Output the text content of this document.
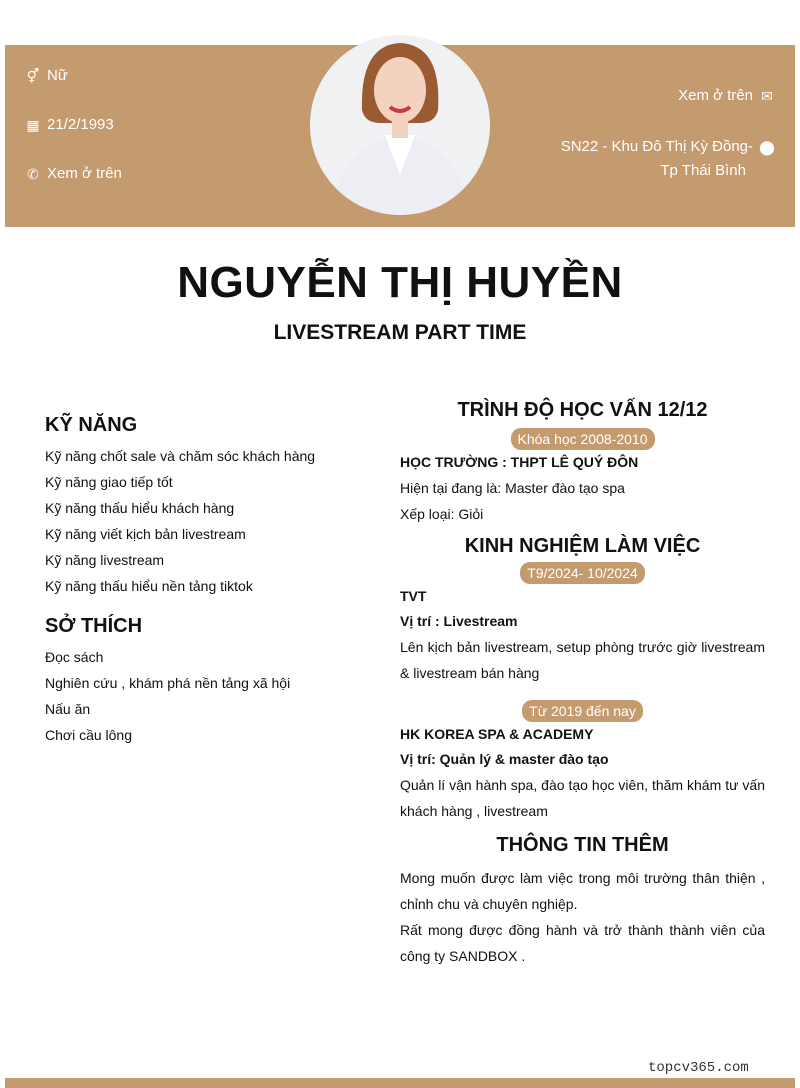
⚥ Nữ
▦ 21/2/1993
✆ Xem ở trên
Xem ở trên ✉
SN22 - Khu Đô Thị Kỳ Đồng-
Tp Thái Bình
⬤
NGUYỄN THỊ HUYỀN
LIVESTREAM PART TIME
KỸ NĂNG
Kỹ năng chốt sale và chăm sóc khách hàng
Kỹ năng giao tiếp tốt
Kỹ năng thấu hiểu khách hàng
Kỹ năng viết kịch bản livestream
Kỹ năng livestream
Kỹ năng thấu hiểu nền tảng tiktok
SỞ THÍCH
Đọc sách
Nghiên cứu , khám phá nền tảng xã hội
Nấu ăn
Chơi cầu lông
TRÌNH ĐỘ HỌC VẤN 12/12
Khóa học 2008-2010
HỌC TRƯỜNG : THPT LÊ QUÝ ĐÔN
Hiện tại đang là: Master đào tạo spa
Xếp loại: Giỏi
KINH NGHIỆM LÀM VIỆC
T9/2024- 10/2024
TVT
Vị trí : Livestream
Lên kịch bản livestream, setup phòng trước giờ livestream & livestream bán hàng
Từ 2019 đến nay
HK KOREA SPA & ACADEMY
Vị trí: Quản lý & master đào tạo
Quản lí vận hành spa, đào tạo học viên, thăm khám tư vấn khách hàng , livestream
THÔNG TIN THÊM
Mong muốn được làm việc trong môi trường thân thiện , chỉnh chu và chuyên nghiệp.
Rất mong được đồng hành và trở thành thành viên của công ty SANDBOX .
topcv365.com
